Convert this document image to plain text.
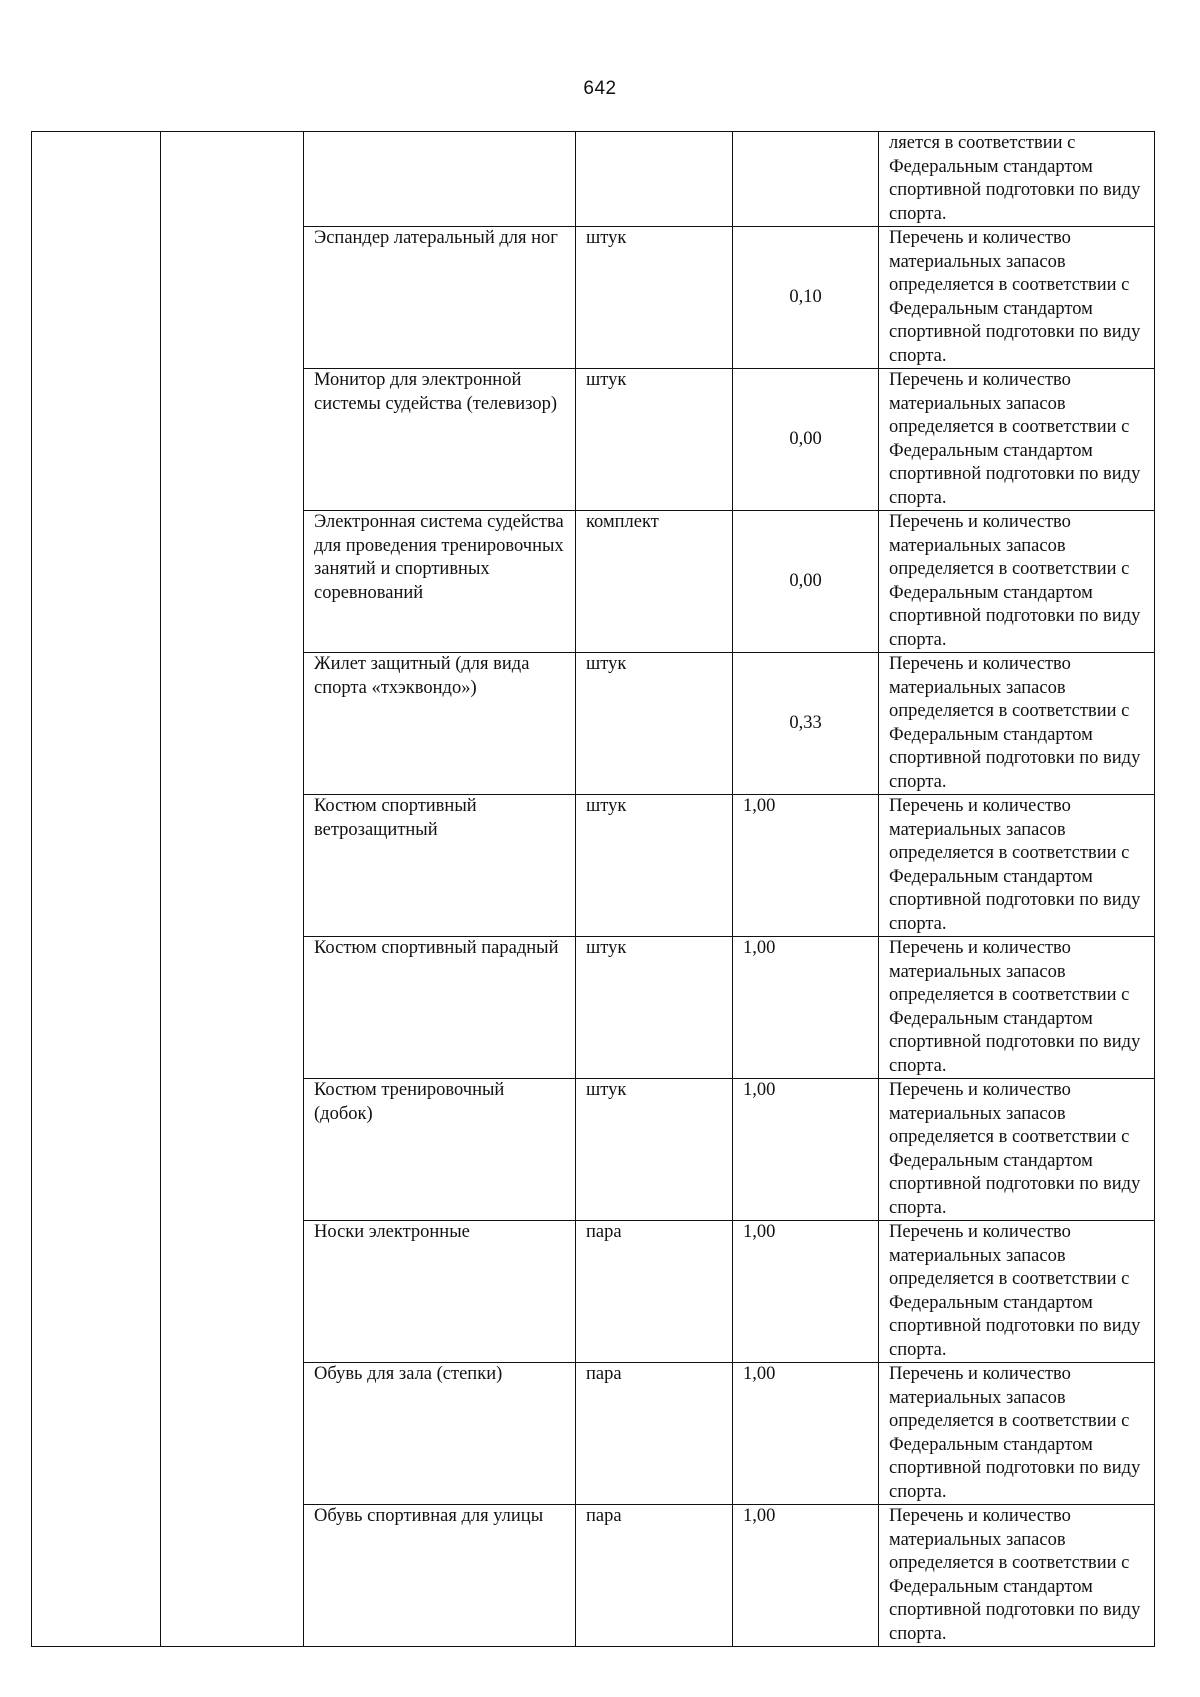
642
					ляется в соответствии с Федеральным стандартом спортивной подготовки по виду спорта.
		Эспандер латеральный для ног	штук	0,10	Перечень и количество материальных запасов определяется в соответствии с Федеральным стандартом спортивной подготовки по виду спорта.
		Монитор для электронной системы судейства (телевизор)	штук	0,00	Перечень и количество материальных запасов определяется в соответствии с Федеральным стандартом спортивной подготовки по виду спорта.
		Электронная система судейства для проведения тренировочных занятий и спортивных соревнований	комплект	0,00	Перечень и количество материальных запасов определяется в соответствии с Федеральным стандартом спортивной подготовки по виду спорта.
		Жилет защитный (для вида спорта «тхэквондо»)	штук	0,33	Перечень и количество материальных запасов определяется в соответствии с Федеральным стандартом спортивной подготовки по виду спорта.
		Костюм спортивный ветрозащитный	штук	1,00	Перечень и количество материальных запасов определяется в соответствии с Федеральным стандартом спортивной подготовки по виду спорта.
		Костюм спортивный парадный	штук	1,00	Перечень и количество материальных запасов определяется в соответствии с Федеральным стандартом спортивной подготовки по виду спорта.
		Костюм тренировочный (добок)	штук	1,00	Перечень и количество материальных запасов определяется в соответствии с Федеральным стандартом спортивной подготовки по виду спорта.
		Носки электронные	пара	1,00	Перечень и количество материальных запасов определяется в соответствии с Федеральным стандартом спортивной подготовки по виду спорта.
		Обувь для зала (степки)	пара	1,00	Перечень и количество материальных запасов определяется в соответствии с Федеральным стандартом спортивной подготовки по виду спорта.
		Обувь спортивная для улицы	пара	1,00	Перечень и количество материальных запасов определяется в соответствии с Федеральным стандартом спортивной подготовки по виду спорта.
